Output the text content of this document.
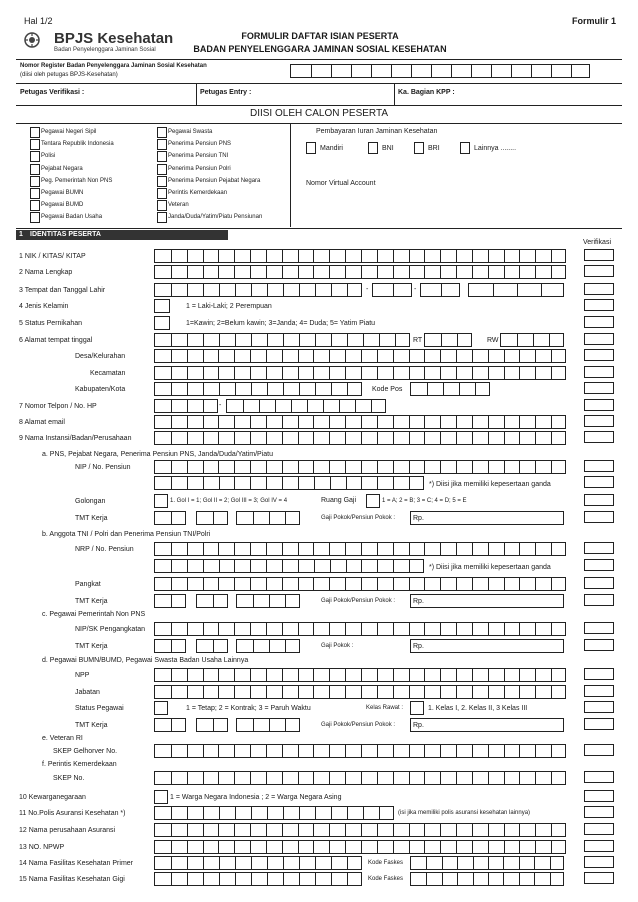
Hal 1/2	Formulir 1
BPJS Kesehatan
Badan Penyelenggara Jaminan Sosial
FORMULIR DAFTAR ISIAN PESERTA
BADAN PENYELENGGARA JAMINAN SOSIAL KESEHATAN
Nomor Register Badan Penyelenggara Jaminan Sosial Kesehatan
(diisi oleh petugas BPJS-Kesehatan)
Petugas Verifikasi :	Petugas Entry :	Ka. Bagian KPP :
DIISI OLEH CALON PESERTA
Pembayaran Iuran Jaminan Kesehatan
Mandiri	BNI	BRI	Lainnya ........
Nomor Virtual Account
1 IDENTITAS PESERTA
Verifikasi
Pegawai Negeri Sipil
Tentara Republik Indonesia
Polisi
Pejabat Negara
Peg. Pemerintah Non PNS
Pegawai BUMN
Pegawai BUMD
Pegawai Badan Usaha
Pegawai Swasta
Penerima Pensiun PNS
Penerima Pensiun TNI
Penerima Pensiun Polri
Penerima Pensiun Pejabat Negara
Perintis Kemerdekaan
Veteran
Janda/Duda/Yatim/Piatu Pensiunan
1 NIK / KITAS/ KITAP
2 Nama Lengkap
3 Tempat dan Tanggal Lahir	-	-
4 Jenis Kelamin	1 = Laki-Laki; 2 Perempuan
5 Status Pernikahan	1=Kawin; 2=Belum kawin; 3=Janda; 4= Duda; 5= Yatim Piatu
6 Alamat tempat tinggal	RT	RW
Desa/Kelurahan
Kecamatan
Kabupaten/Kota	Kode Pos
7 Nomor Telpon / No. HP	-
8 Alamat email
9 Nama Instansi/Badan/Perusahaan
a. PNS, Pejabat Negara, Penerima Pensiun PNS, Janda/Duda/Yatim/Piatu
NIP / No. Pensiun
*) Diisi jika memiliki kepesertaan ganda
Golongan	1. Gol I = 1; Gol II = 2; Gol III = 3; Gol IV = 4	Ruang Gaji	1 = A; 2 = B; 3 = C; 4 = D; 5 = E
TMT Kerja	Gaji Pokok/Pensiun Pokok :	Rp.
b. Anggota TNI / Polri dan Penerima Pensiun TNI/Polri
NRP / No. Pensiun
*) Diisi jika memiliki kepesertaan ganda
Pangkat
TMT Kerja	Gaji Pokok/Pensiun Pokok :	Rp.
c. Pegawai Pemerintah Non PNS
NIP/SK Pengangkatan
TMT Kerja	Gaji Pokok :	Rp.
d. Pegawai BUMN/BUMD, Pegawai Swasta Badan Usaha Lainnya
NPP
Jabatan
Status Pegawai	1 = Tetap; 2 = Kontrak; 3 = Paruh Waktu	Kelas Rawat :	1. Kelas I, 2. Kelas II, 3 Kelas III
TMT Kerja	Gaji Pokok/Pensiun Pokok :	Rp.
e. Veteran RI
SKEP Gelhorver No.
f. Perintis Kemerdekaan
SKEP No.
10 Kewarganegaraan	1 = Warga Negara Indonesia ; 2 = Warga Negara Asing
11 No.Polis Asuransi Kesehatan *)	(isi jika memiliki polis asuransi kesehatan lainnya)
12 Nama perusahaan Asuransi
13 NO. NPWP
14 Nama Fasilitas Kesehatan Primer	Kode Faskes
15 Nama Fasilitas Kesehatan Gigi	Kode Faskes
